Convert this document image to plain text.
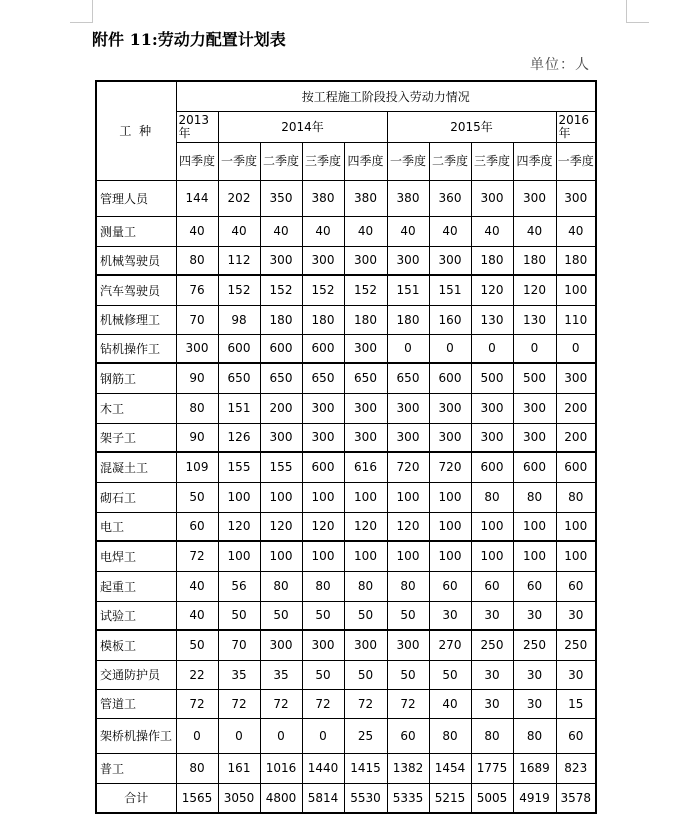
附件 11:劳动力配置计划表
单位：人
工 种	按工程施工阶段投入劳动力情况									
	2013年	2014年				2015年				2016年
	四季度	一季度	二季度	三季度	四季度	一季度	二季度	三季度	四季度	一季度
管理人员	144	202	350	380	380	380	360	300	300	300
测量工	40	40	40	40	40	40	40	40	40	40
机械驾驶员	80	112	300	300	300	300	300	180	180	180
汽车驾驶员	76	152	152	152	152	151	151	120	120	100
机械修理工	70	98	180	180	180	180	160	130	130	110
钻机操作工	300	600	600	600	300	0	0	0	0	0
钢筋工	90	650	650	650	650	650	600	500	500	300
木工	80	151	200	300	300	300	300	300	300	200
架子工	90	126	300	300	300	300	300	300	300	200
混凝土工	109	155	155	600	616	720	720	600	600	600
砌石工	50	100	100	100	100	100	100	80	80	80
电工	60	120	120	120	120	120	100	100	100	100
电焊工	72	100	100	100	100	100	100	100	100	100
起重工	40	56	80	80	80	80	60	60	60	60
试验工	40	50	50	50	50	50	30	30	30	30
模板工	50	70	300	300	300	300	270	250	250	250
交通防护员	22	35	35	50	50	50	50	30	30	30
管道工	72	72	72	72	72	72	40	30	30	15
架桥机操作工	0	0	0	0	25	60	80	80	80	60
普工	80	161	1016	1440	1415	1382	1454	1775	1689	823
合计	1565	3050	4800	5814	5530	5335	5215	5005	4919	3578
